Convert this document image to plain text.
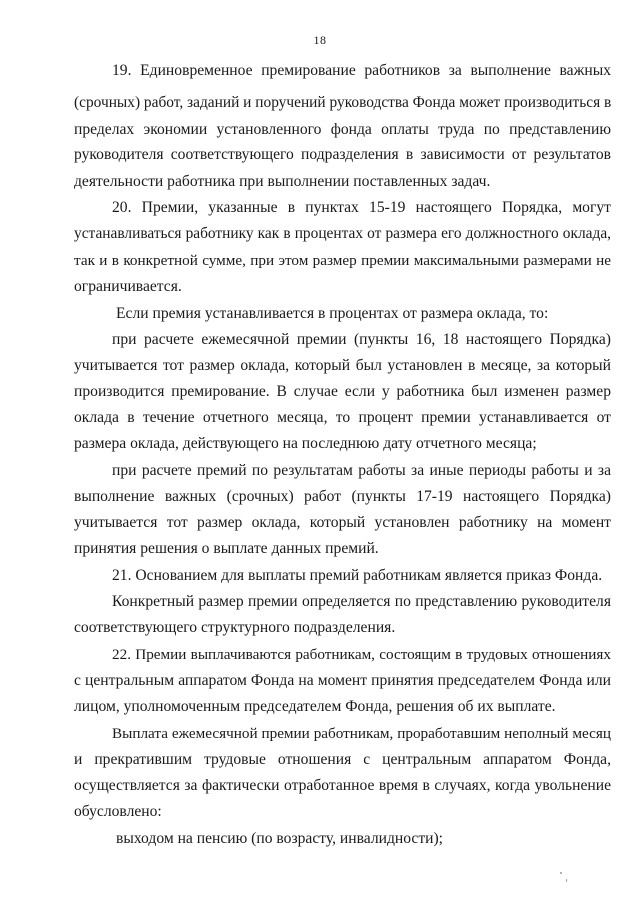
18
19. Единовременное премирование работников за выполнение важных
(срочных) работ, заданий и поручений руководства Фонда может производиться в
пределах экономии установленного фонда оплаты труда по представлению
руководителя соответствующего подразделения в зависимости от результатов
деятельности работника при выполнении поставленных задач.
20. Премии, указанные в пунктах 15-19 настоящего Порядка, могут
устанавливаться работнику как в процентах от размера его должностного оклада,
так и в конкретной сумме, при этом размер премии максимальными размерами не
ограничивается.
Если премия устанавливается в процентах от размера оклада, то:
при расчете ежемесячной премии (пункты 16, 18 настоящего Порядка)
учитывается тот размер оклада, который был установлен в месяце, за который
производится премирование. В случае если у работника был изменен размер
оклада в течение отчетного месяца, то процент премии устанавливается от
размера оклада, действующего на последнюю дату отчетного месяца;
при расчете премий по результатам работы за иные периоды работы и за
выполнение важных (срочных) работ (пункты 17-19 настоящего Порядка)
учитывается тот размер оклада, который установлен работнику на момент
принятия решения о выплате данных премий.
21. Основанием для выплаты премий работникам является приказ Фонда.
Конкретный размер премии определяется по представлению руководителя
соответствующего структурного подразделения.
22. Премии выплачиваются работникам, состоящим в трудовых отношениях
с центральным аппаратом Фонда на момент принятия председателем Фонда или
лицом, уполномоченным председателем Фонда, решения об их выплате.
Выплата ежемесячной премии работникам, проработавшим неполный месяц
и прекратившим трудовые отношения с центральным аппаратом Фонда,
осуществляется за фактически отработанное время в случаях, когда увольнение
обусловлено:
выходом на пенсию (по возрасту, инвалидности);
